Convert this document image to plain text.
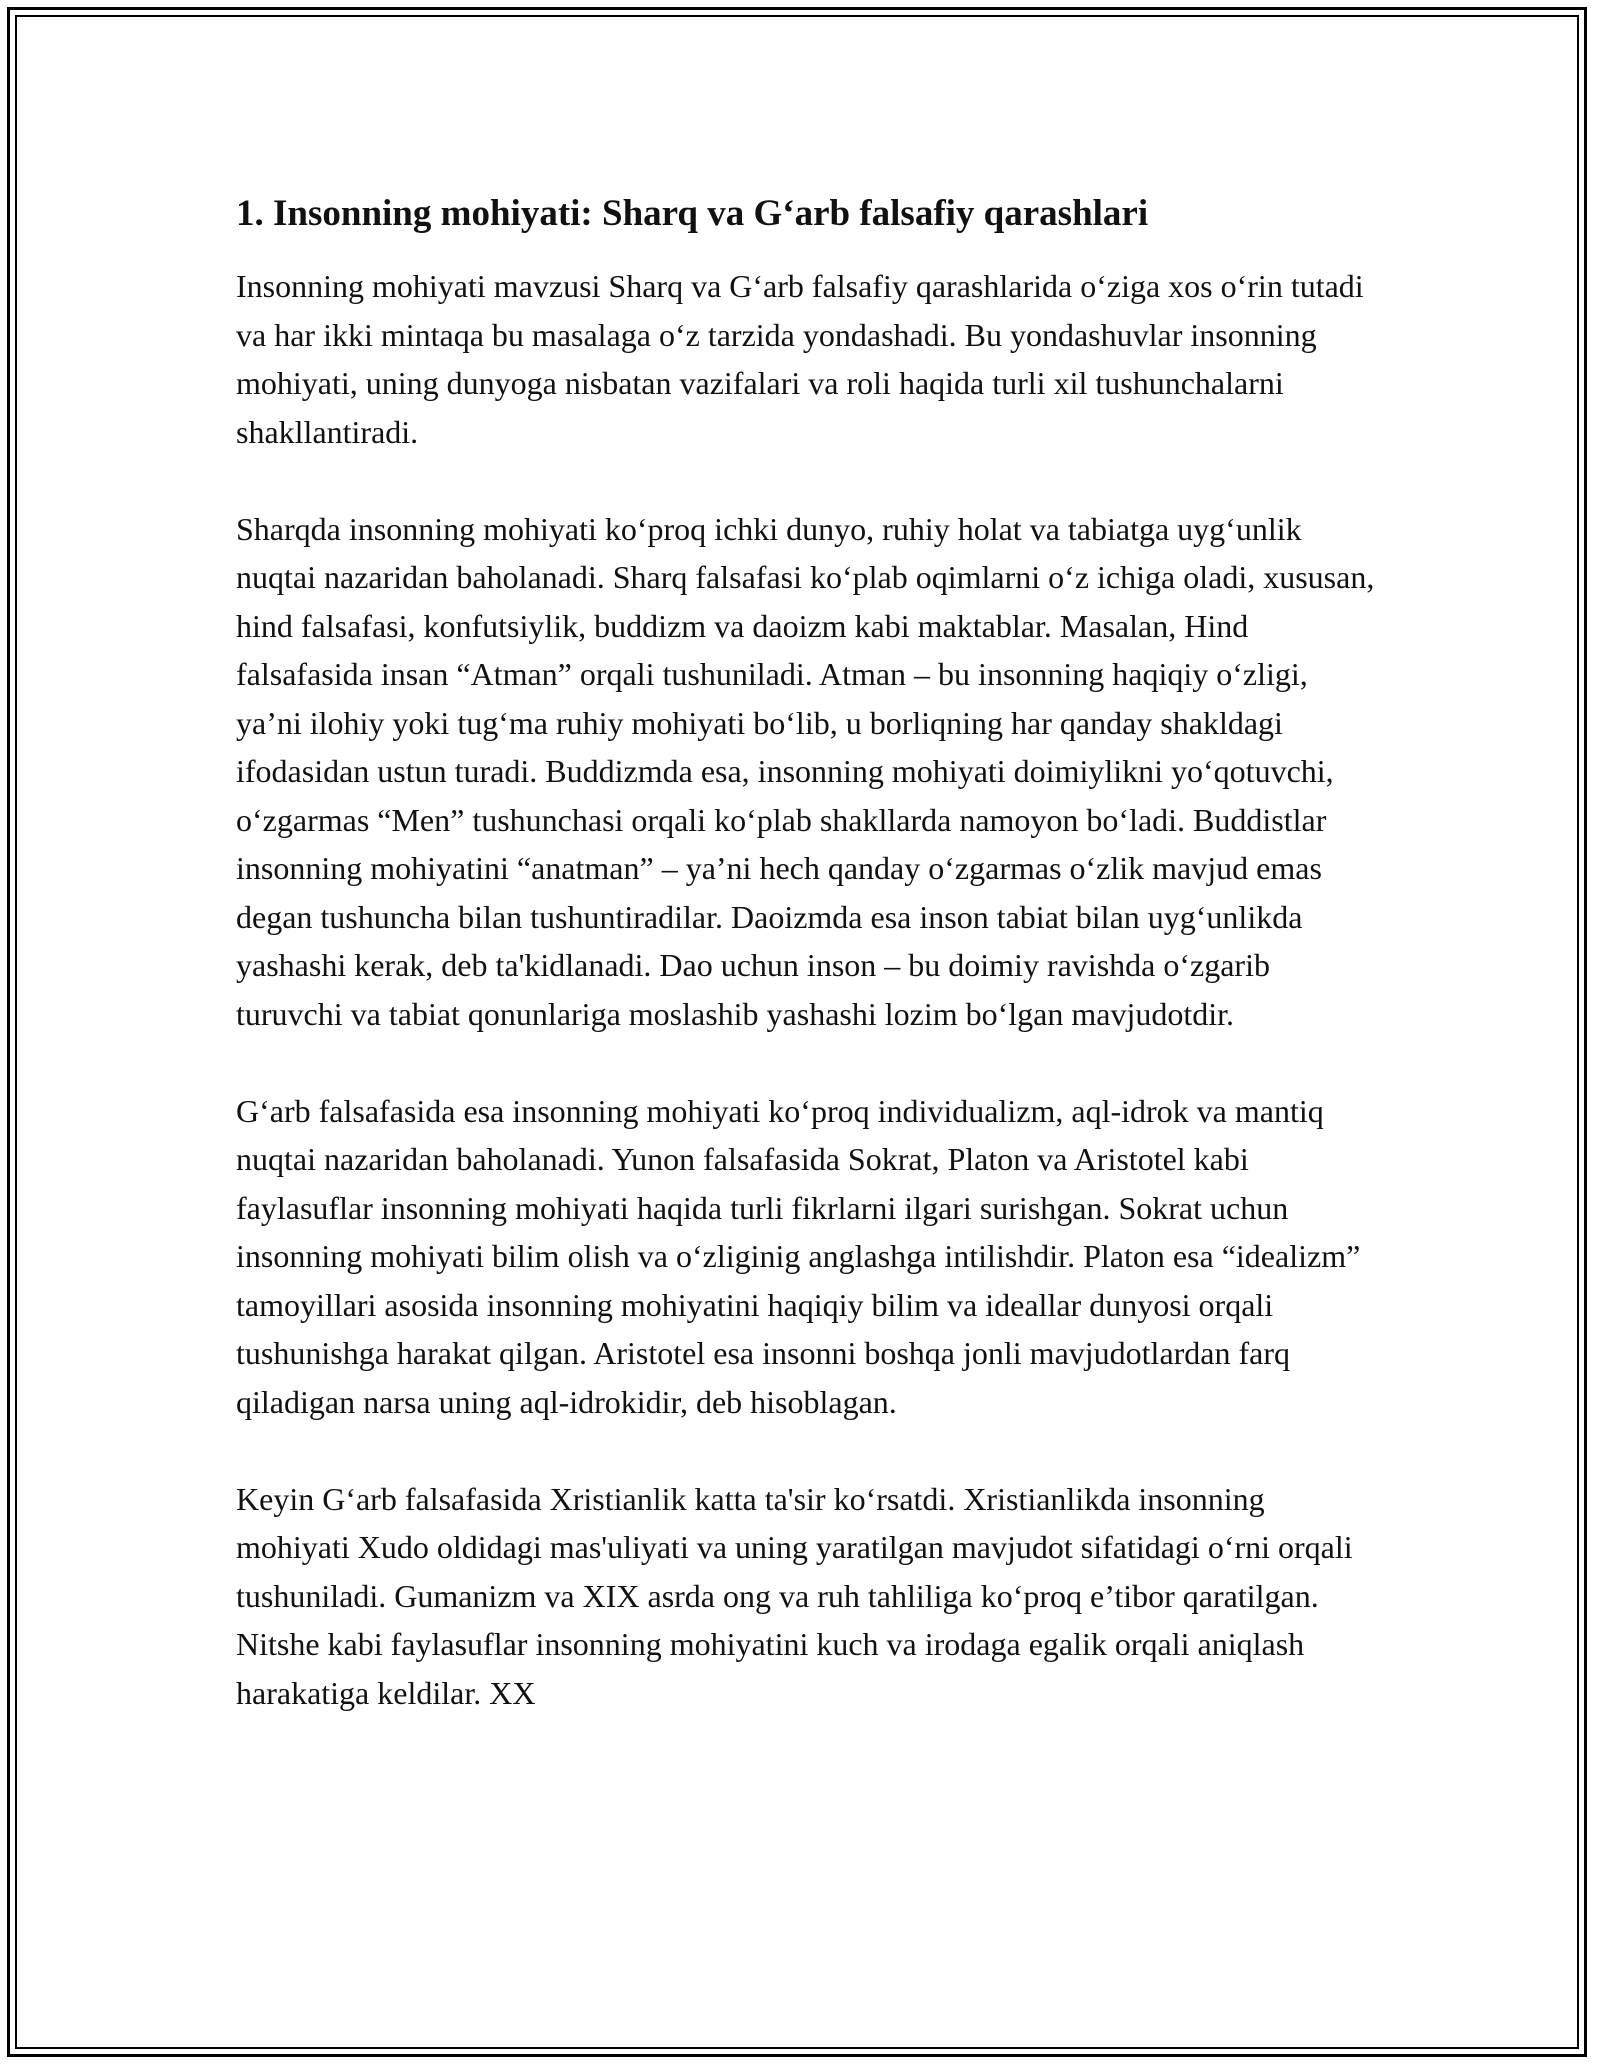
1. Insonning mohiyati: Sharq va G‘arb falsafiy qarashlari

Insonning mohiyati mavzusi Sharq va G‘arb falsafiy qarashlarida o‘ziga xos o‘rin tutadi va har ikki mintaqa bu masalaga o‘z tarzida yondashadi. Bu yondashuvlar insonning mohiyati, uning dunyoga nisbatan vazifalari va roli haqida turli xil tushunchalarni shakllantiradi.

Sharqda insonning mohiyati ko‘proq ichki dunyo, ruhiy holat va tabiatga uyg‘unlik nuqtai nazaridan baholanadi. Sharq falsafasi ko‘plab oqimlarni o‘z ichiga oladi, xususan, hind falsafasi, konfutsiylik, buddizm va daoizm kabi maktablar. Masalan, Hind falsafasida insan “Atman” orqali tushuniladi. Atman – bu insonning haqiqiy o‘zligi, ya’ni ilohiy yoki tug‘ma ruhiy mohiyati bo‘lib, u borliqning har qanday shakldagi ifodasidan ustun turadi. Buddizmda esa, insonning mohiyati doimiylikni yo‘qotuvchi, o‘zgarmas “Men” tushunchasi orqali ko‘plab shakllarda namoyon bo‘ladi. Buddistlar insonning mohiyatini “anatman” – ya’ni hech qanday o‘zgarmas o‘zlik mavjud emas degan tushuncha bilan tushuntiradilar. Daoizmda esa inson tabiat bilan uyg‘unlikda yashashi kerak, deb ta'kidlanadi. Dao uchun inson – bu doimiy ravishda o‘zgarib turuvchi va tabiat qonunlariga moslashib yashashi lozim bo‘lgan mavjudotdir.

G‘arb falsafasida esa insonning mohiyati ko‘proq individualizm, aql-idrok va mantiq nuqtai nazaridan baholanadi. Yunon falsafasida Sokrat, Platon va Aristotel kabi faylasuflar insonning mohiyati haqida turli fikrlarni ilgari surishgan. Sokrat uchun insonning mohiyati bilim olish va o‘zliginig anglashga intilishdir. Platon esa “idealizm” tamoyillari asosida insonning mohiyatini haqiqiy bilim va ideallar dunyosi orqali tushunishga harakat qilgan. Aristotel esa insonni boshqa jonli mavjudotlardan farq qiladigan narsa uning aql-idrokidir, deb hisoblagan.

Keyin G‘arb falsafasida Xristianlik katta ta'sir ko‘rsatdi. Xristianlikda insonning mohiyati Xudo oldidagi mas'uliyati va uning yaratilgan mavjudot sifatidagi o‘rni orqali tushuniladi. Gumanizm va XIX asrda ong va ruh tahliliga ko‘proq e’tibor qaratilgan. Nitshe kabi faylasuflar insonning mohiyatini kuch va irodaga egalik orqali aniqlash harakatiga keldilar. XX
